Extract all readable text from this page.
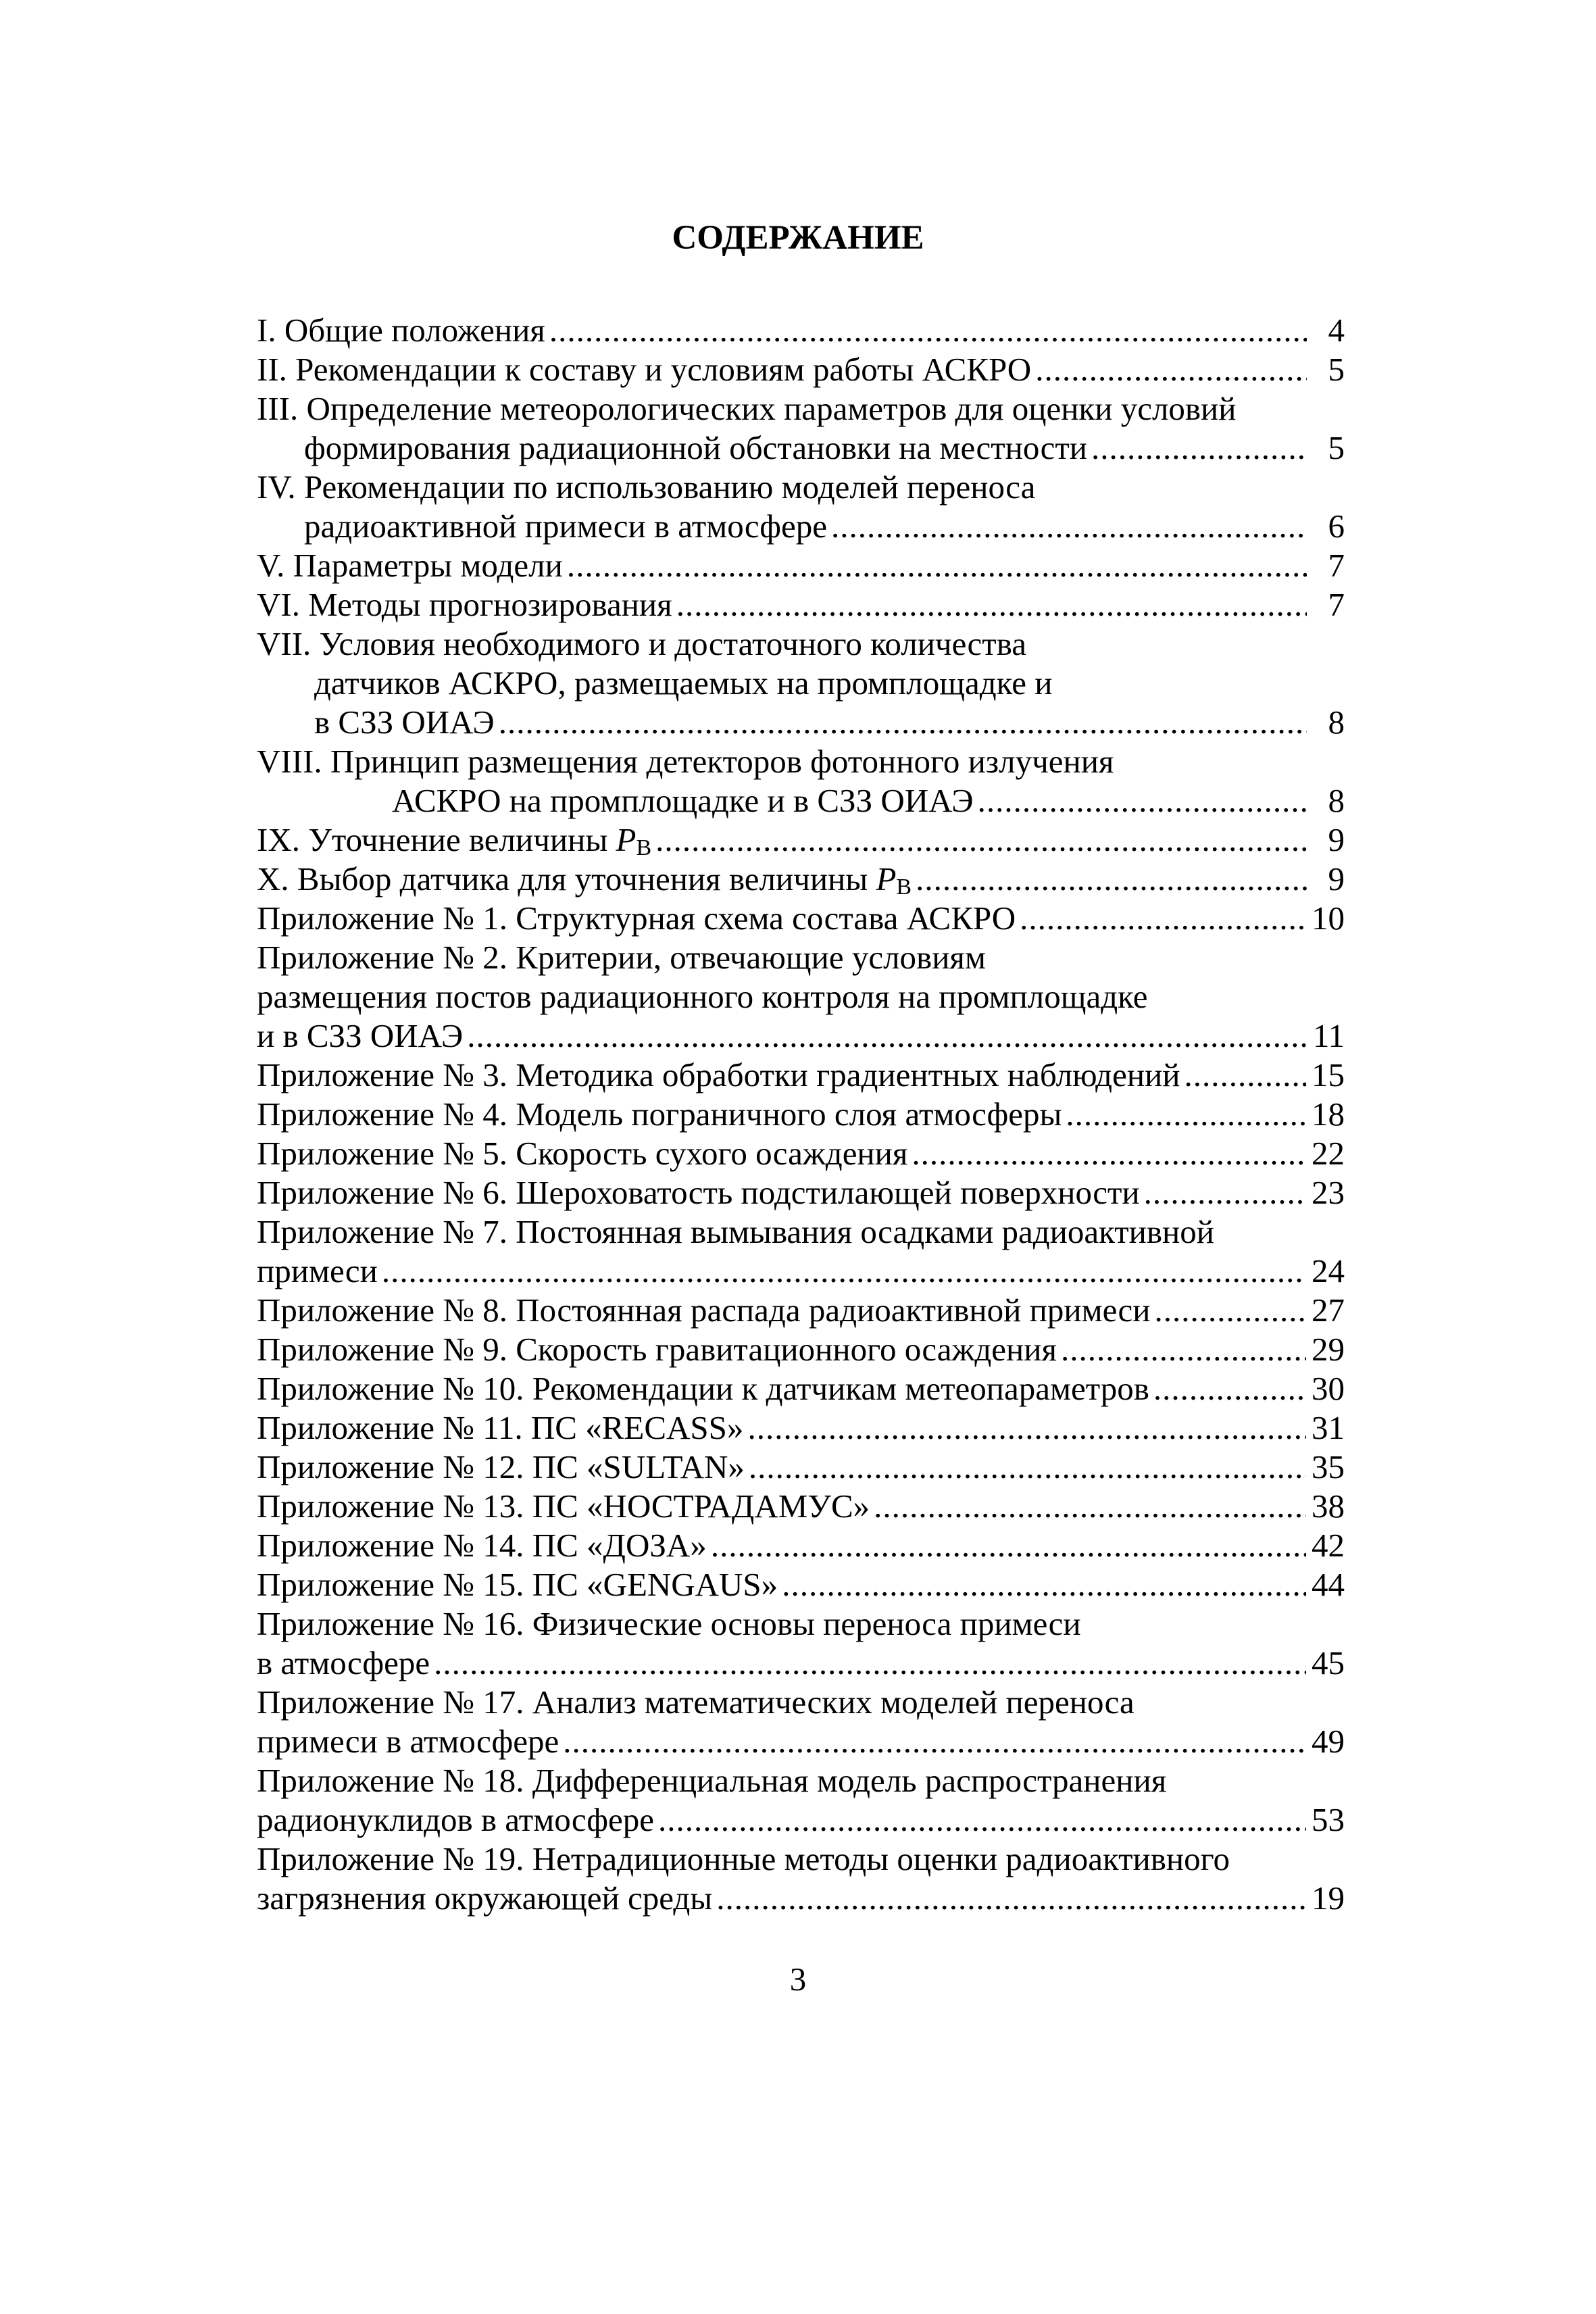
СОДЕРЖАНИЕ
I. Общие положения .....	4
II. Рекомендации к составу и условиям работы АСКРО .....	5
III. Определение метеорологических параметров для оценки условий
формирования радиационной обстановки на местности .....	5
IV. Рекомендации по использованию моделей переноса
радиоактивной примеси в атмосфере .....	6
V. Параметры модели .....	7
VI. Методы прогнозирования .....	7
VII. Условия необходимого и достаточного количества
датчиков АСКРО, размещаемых на промплощадке и
в СЗЗ ОИАЭ .....	8
VIII. Принцип размещения детекторов фотонного излучения
АСКРО на промплощадке и в СЗЗ ОИАЭ .....	8
IX. Уточнение величины $P_В$ .....	9
X. Выбор датчика для уточнения величины $P_В$ .....	9
Приложение № 1. Структурная схема состава АСКРО .....	10
Приложение № 2. Критерии, отвечающие условиям
размещения постов радиационного контроля на промплощадке
и в СЗЗ ОИАЭ .....	11
Приложение № 3. Методика обработки градиентных наблюдений .....	15
Приложение № 4. Модель пограничного слоя атмосферы .....	18
Приложение № 5. Скорость сухого осаждения .....	22
Приложение № 6. Шероховатость подстилающей поверхности .....	23
Приложение № 7. Постоянная вымывания осадками радиоактивной
примеси .....	24
Приложение № 8. Постоянная распада радиоактивной примеси .....	27
Приложение № 9. Скорость гравитационного осаждения .....	29
Приложение № 10. Рекомендации к датчикам метеопараметров .....	30
Приложение № 11. ПС «RECASS» .....	31
Приложение № 12. ПС «SULTAN» .....	35
Приложение № 13. ПС «НОСТРАДАМУС» .....	38
Приложение № 14. ПС «ДОЗА» .....	42
Приложение № 15. ПС «GENGAUS» .....	44
Приложение № 16. Физические основы переноса примеси
в атмосфере .....	45
Приложение № 17. Анализ математических моделей переноса
примеси в атмосфере .....	49
Приложение № 18. Дифференциальная модель распространения
радионуклидов в атмосфере .....	53
Приложение № 19. Нетрадиционные методы оценки радиоактивного
загрязнения окружающей среды .....	19
3
